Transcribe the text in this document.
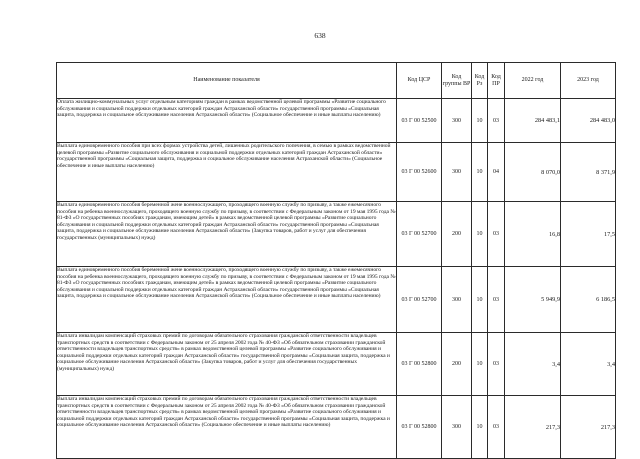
638
Наименование показателя	Код ЦСР	Код группы ВР	Код Рз	Код ПР	2022 год	2023 год
Оплата жилищно-коммунальных услуг отдельным категориям граждан в рамках ведомственной целевой программы «Развитие социального обслуживания и социальной поддержки отдельных категорий граждан Астраханской области» государственной программы «Социальная защита, поддержка и социальное обслуживание населения Астраханской области» (Социальное обеспечение и иные выплаты населению)	03 Г 00 52500	300	10	03	284 483,1	284 483,0
Выплата единовременного пособия при всех формах устройства детей, лишенных родительского попечения, в семью в рамках ведомственной целевой программы «Развитие социального обслуживания и социальной поддержки отдельных категорий граждан Астраханской области» государственной программы «Социальная защита, поддержка и социальное обслуживание населения Астраханской области» (Социальное обеспечение и иные выплаты населению)	03 Г 00 52600	300	10	04	8 070,0	8 371,9
Выплата единовременного пособия беременной жене военнослужащего, проходящего военную службу по призыву, а также ежемесячного пособия на ребенка военнослужащего, проходящего военную службу по призыву, в соответствии с Федеральным законом от 19 мая 1995 года № 81-ФЗ «О государственных пособиях гражданам, имеющим детей» в рамках ведомственной целевой программы «Развитие социального обслуживания и социальной поддержки отдельных категорий граждан Астраханской области» государственной программы «Социальная защита, поддержка и социальное обслуживание населения Астраханской области» (Закупка товаров, работ и услуг для обеспечения государственных (муниципальных) нужд)	03 Г 00 52700	200	10	03	16,8	17,5
Выплата единовременного пособия беременной жене военнослужащего, проходящего военную службу по призыву, а также ежемесячного пособия на ребенка военнослужащего, проходящего военную службу по призыву, в соответствии с Федеральным законом от 19 мая 1995 года № 81-ФЗ «О государственных пособиях гражданам, имеющим детей» в рамках ведомственной целевой программы «Развитие социального обслуживания и социальной поддержки отдельных категорий граждан Астраханской области» государственной программы «Социальная защита, поддержка и социальное обслуживание населения Астраханской области» (Социальное обеспечение и иные выплаты населению)	03 Г 00 52700	300	10	03	5 949,9	6 186,5
Выплата инвалидам компенсаций страховых премий по договорам обязательного страхования гражданской ответственности владельцев транспортных средств в соответствии с Федеральным законом от 25 апреля 2002 года № 40-ФЗ «Об обязательном страховании гражданской ответственности владельцев транспортных средств» в рамках ведомственной целевой программы «Развитие социального обслуживания и социальной поддержки отдельных категорий граждан Астраханской области» государственной программы «Социальная защита, поддержка и социальное обслуживание населения Астраханской области» (Закупка товаров, работ и услуг для обеспечения государственных (муниципальных) нужд)	03 Г 00 52800	200	10	03	3,4	3,4
Выплата инвалидам компенсаций страховых премий по договорам обязательного страхования гражданской ответственности владельцев транспортных средств в соответствии с Федеральным законом от 25 апреля 2002 года № 40-ФЗ «Об обязательном страховании гражданской ответственности владельцев транспортных средств» в рамках ведомственной целевой программы «Развитие социального обслуживания и социальной поддержки отдельных категорий граждан Астраханской области» государственной программы «Социальная защита, поддержка и социальное обслуживание населения Астраханской области» (Социальное обеспечение и иные выплаты населению)	03 Г 00 52800	300	10	03	217,3	217,3
